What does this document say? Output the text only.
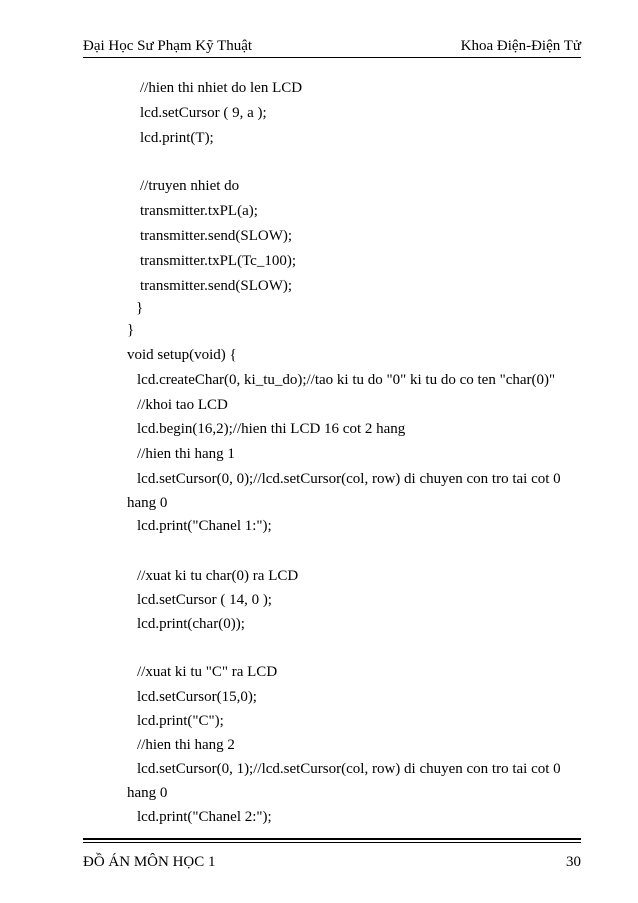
Đại Học Sư Phạm Kỹ Thuật	Khoa Điện-Điện Tử
//hien thi nhiet do len LCD
lcd.setCursor ( 9, a );
lcd.print(T);
//truyen nhiet do
transmitter.txPL(a);
transmitter.send(SLOW);
transmitter.txPL(Tc_100);
transmitter.send(SLOW);
}
}
void setup(void) {
lcd.createChar(0, ki_tu_do);//tao ki tu do "0" ki tu do co ten "char(0)"
//khoi tao LCD
lcd.begin(16,2);//hien thi LCD 16 cot 2 hang
//hien thi hang 1
lcd.setCursor(0, 0);//lcd.setCursor(col, row) di chuyen con tro tai cot 0
hang 0
lcd.print("Chanel 1:");
//xuat ki tu char(0) ra LCD
lcd.setCursor ( 14, 0 );
lcd.print(char(0));
//xuat ki tu "C" ra LCD
lcd.setCursor(15,0);
lcd.print("C");
//hien thi hang 2
lcd.setCursor(0, 1);//lcd.setCursor(col, row) di chuyen con tro tai cot 0
hang 0
lcd.print("Chanel 2:");
ĐỒ ÁN MÔN HỌC 1	30
